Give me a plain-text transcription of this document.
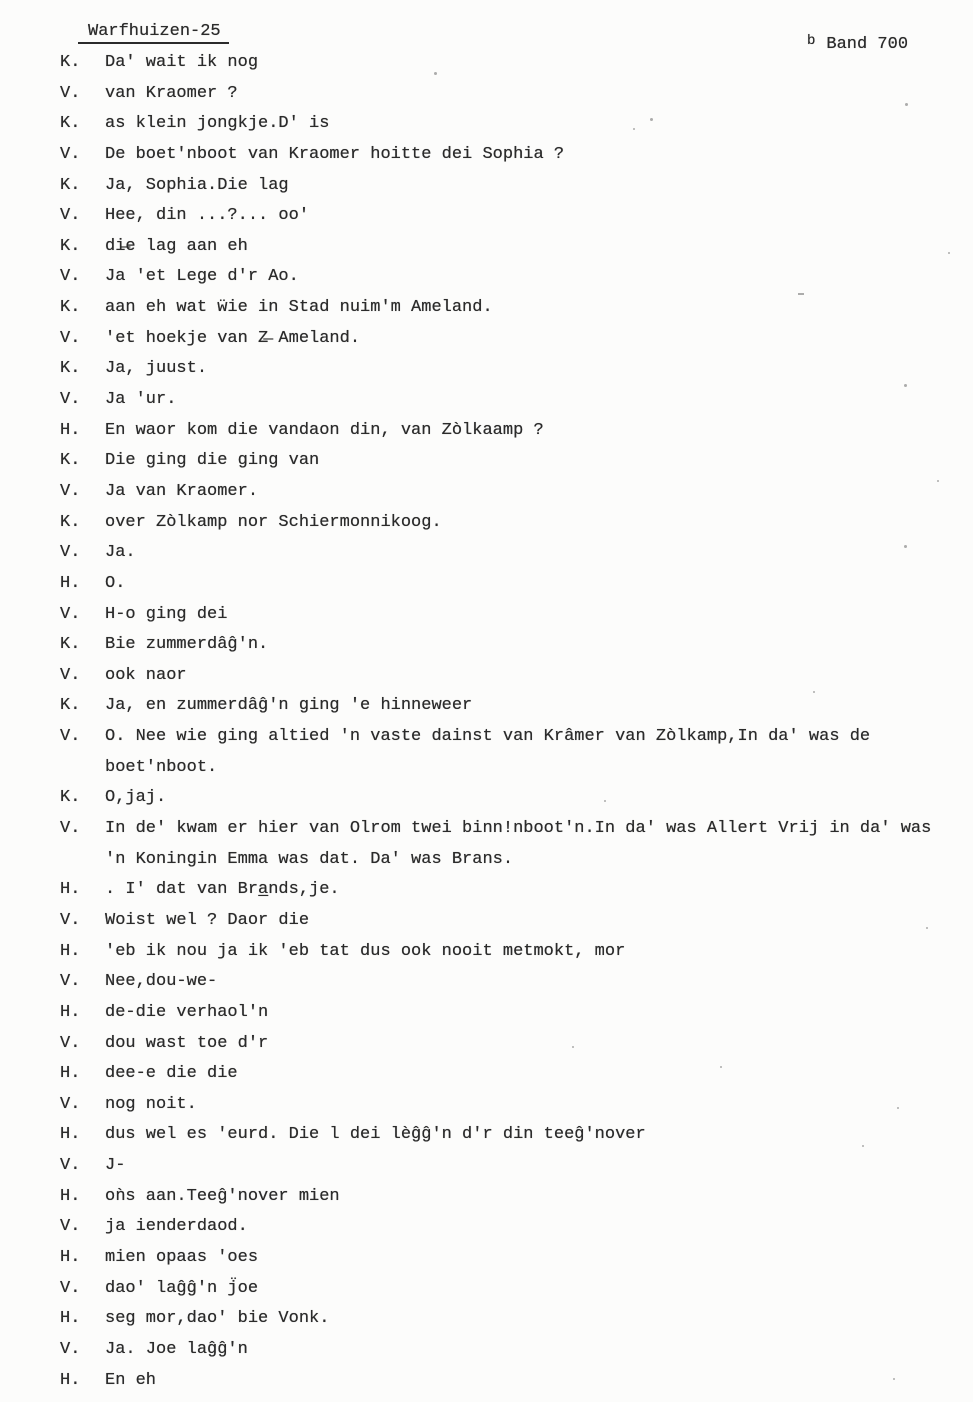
Warfhuizen-25

Band 700

b

K.	Da' wait ik nog
V.	van Kraomer ?
K.	as klein jongkje.D' is
V.	De boet'nboot van Kraomer hoitte dei Sophia ?
K.	Ja, Sophia.Die lag
V.	Hee, din ...?... oo'
K.	di̶e lag aan eh
V.	Ja 'et Lege d'r Ao.
K.	aan eh wat ẅie in Stad nuim'm Ameland.
V.	'et hoekje van Z̶ Ameland.
K.	Ja, juust.
V.	Ja 'ur.
H.	En waor kom die vandaon din, van Zòlkaamp ?
K.	Die ging die ging van
V.	Ja van Kraomer.
K.	over Zòlkamp nor Schiermonnikoog.
V.	Ja.
H.	O.
V.	H-o ging dei
K.	Bie zummerdâĝ'n.
V.	ook naor
K.	Ja, en zummerdâĝ'n ging 'e hinneweer
V.	O. Nee wie ging altied 'n vaste dainst van Krâmer van Zòlkamp,In da' was de
boet'nboot.
K.	O,jaj.
V.	In de' kwam er hier van Olrom twei binn!nboot'n.In da' was Allert Vrij in da' was
'n Koningin Emma was dat. Da' was Brans.
H.	. I' dat van Bra̲nds,je.
V.	Woist wel ? Daor die
H.	'eb ik nou ja ik 'eb tat dus ook nooit metmokt, mor
V.	Nee,dou-we-
H.	de-die verhaol'n
V.	dou wast toe d'r
H.	dee-e die die
V.	nog noit.
H.	dus wel es 'eurd. Die l dei lèĝĝ'n d'r din teeĝ'nover
V.	J-
H.	oǹs aan.Teeĝ'nover mien
V.	ja ienderdaod.
H.	mien opaas 'oes
V.	dao' laĝĝ'n j̈oe
H.	seg mor,dao' bie Vonk.
V.	Ja. Joe laĝĝ'n
H.	En eh
